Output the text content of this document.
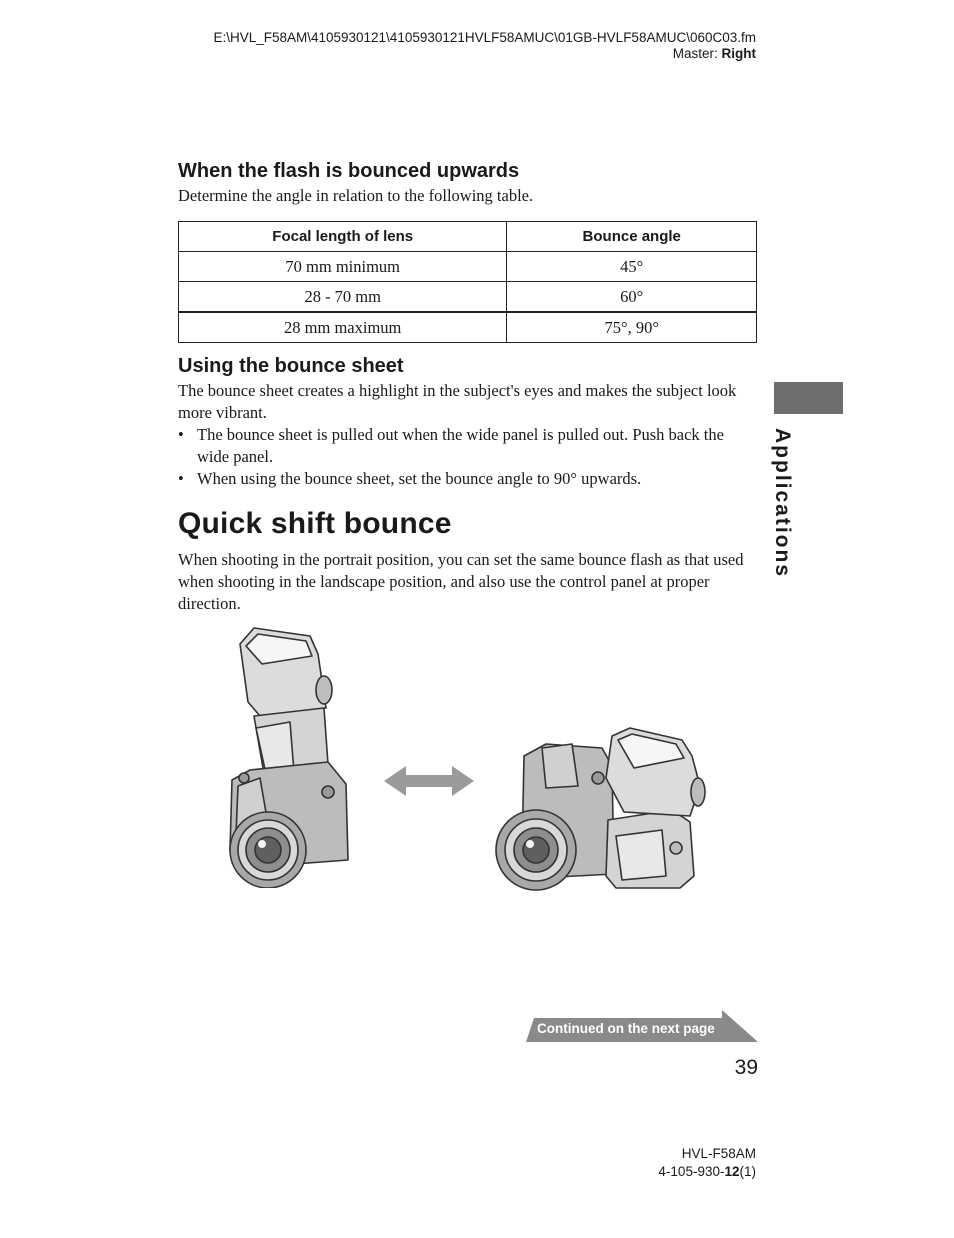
E:\HVL_F58AM\4105930121\4105930121HVLF58AMUC\01GB-HVLF58AMUC\060C03.fm
Master: Right
When the flash is bounced upwards

Determine the angle in relation to the following table.

Focal length of lens	Bounce angle
70 mm minimum	45°
28 - 70 mm	60°
28 mm maximum	75°, 90°
Using the bounce sheet

The bounce sheet creates a highlight in the subject's eyes and makes the subject look more vibrant.

• The bounce sheet is pulled out when the wide panel is pulled out. Push back the wide panel.
• When using the bounce sheet, set the bounce angle to 90° upwards.
Quick shift bounce

When shooting in the portrait position, you can set the same bounce flash as that used when shooting in the landscape position, and also use the control panel at proper direction.

Applications
Continued on the next page
39
HVL-F58AM
4-105-930-12(1)
